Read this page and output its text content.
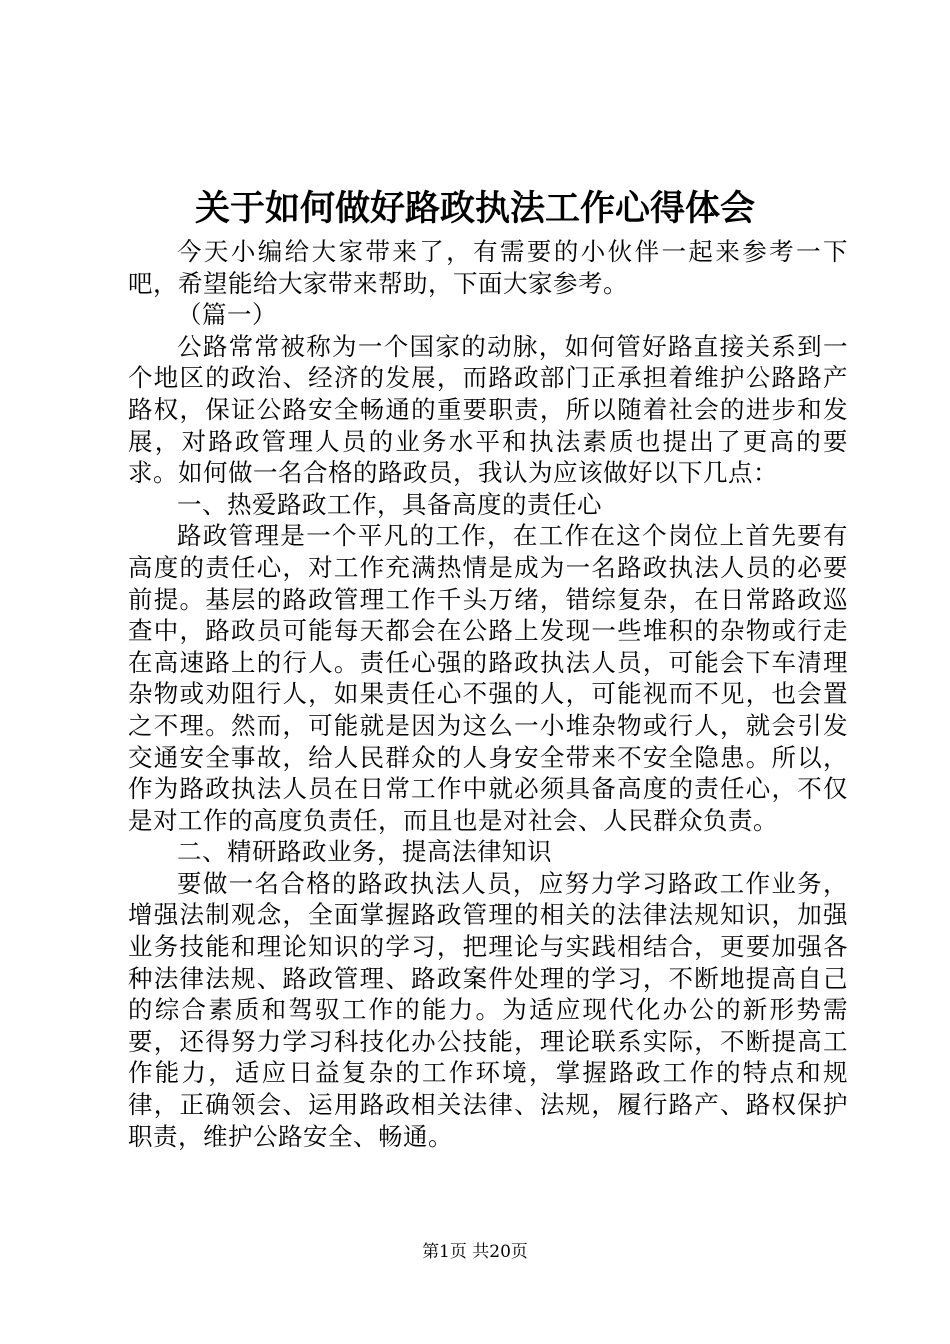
关于如何做好路政执法工作心得体会

今天小编给大家带来了，有需要的小伙伴一起来参考一下吧，希望能给大家带来帮助，下面大家参考。

（篇一）

公路常常被称为一个国家的动脉，如何管好路直接关系到一个地区的政治、经济的发展，而路政部门正承担着维护公路路产路权，保证公路安全畅通的重要职责，所以随着社会的进步和发展，对路政管理人员的业务水平和执法素质也提出了更高的要求。如何做一名合格的路政员，我认为应该做好以下几点：

一、热爱路政工作，具备高度的责任心

路政管理是一个平凡的工作，在工作在这个岗位上首先要有高度的责任心，对工作充满热情是成为一名路政执法人员的必要前提。基层的路政管理工作千头万绪，错综复杂，在日常路政巡查中，路政员可能每天都会在公路上发现一些堆积的杂物或行走在高速路上的行人。责任心强的路政执法人员，可能会下车清理杂物或劝阻行人，如果责任心不强的人，可能视而不见，也会置之不理。然而，可能就是因为这么一小堆杂物或行人，就会引发交通安全事故，给人民群众的人身安全带来不安全隐患。所以，作为路政执法人员在日常工作中就必须具备高度的责任心，不仅是对工作的高度负责任，而且也是对社会、人民群众负责。

二、精研路政业务，提高法律知识

要做一名合格的路政执法人员，应努力学习路政工作业务，增强法制观念，全面掌握路政管理的相关的法律法规知识，加强业务技能和理论知识的学习，把理论与实践相结合，更要加强各种法律法规、路政管理、路政案件处理的学习，不断地提高自己的综合素质和驾驭工作的能力。为适应现代化办公的新形势需要，还得努力学习科技化办公技能，理论联系实际，不断提高工作能力，适应日益复杂的工作环境，掌握路政工作的特点和规律，正确领会、运用路政相关法律、法规，履行路产、路权保护职责，维护公路安全、畅通。

第1页 共20页
